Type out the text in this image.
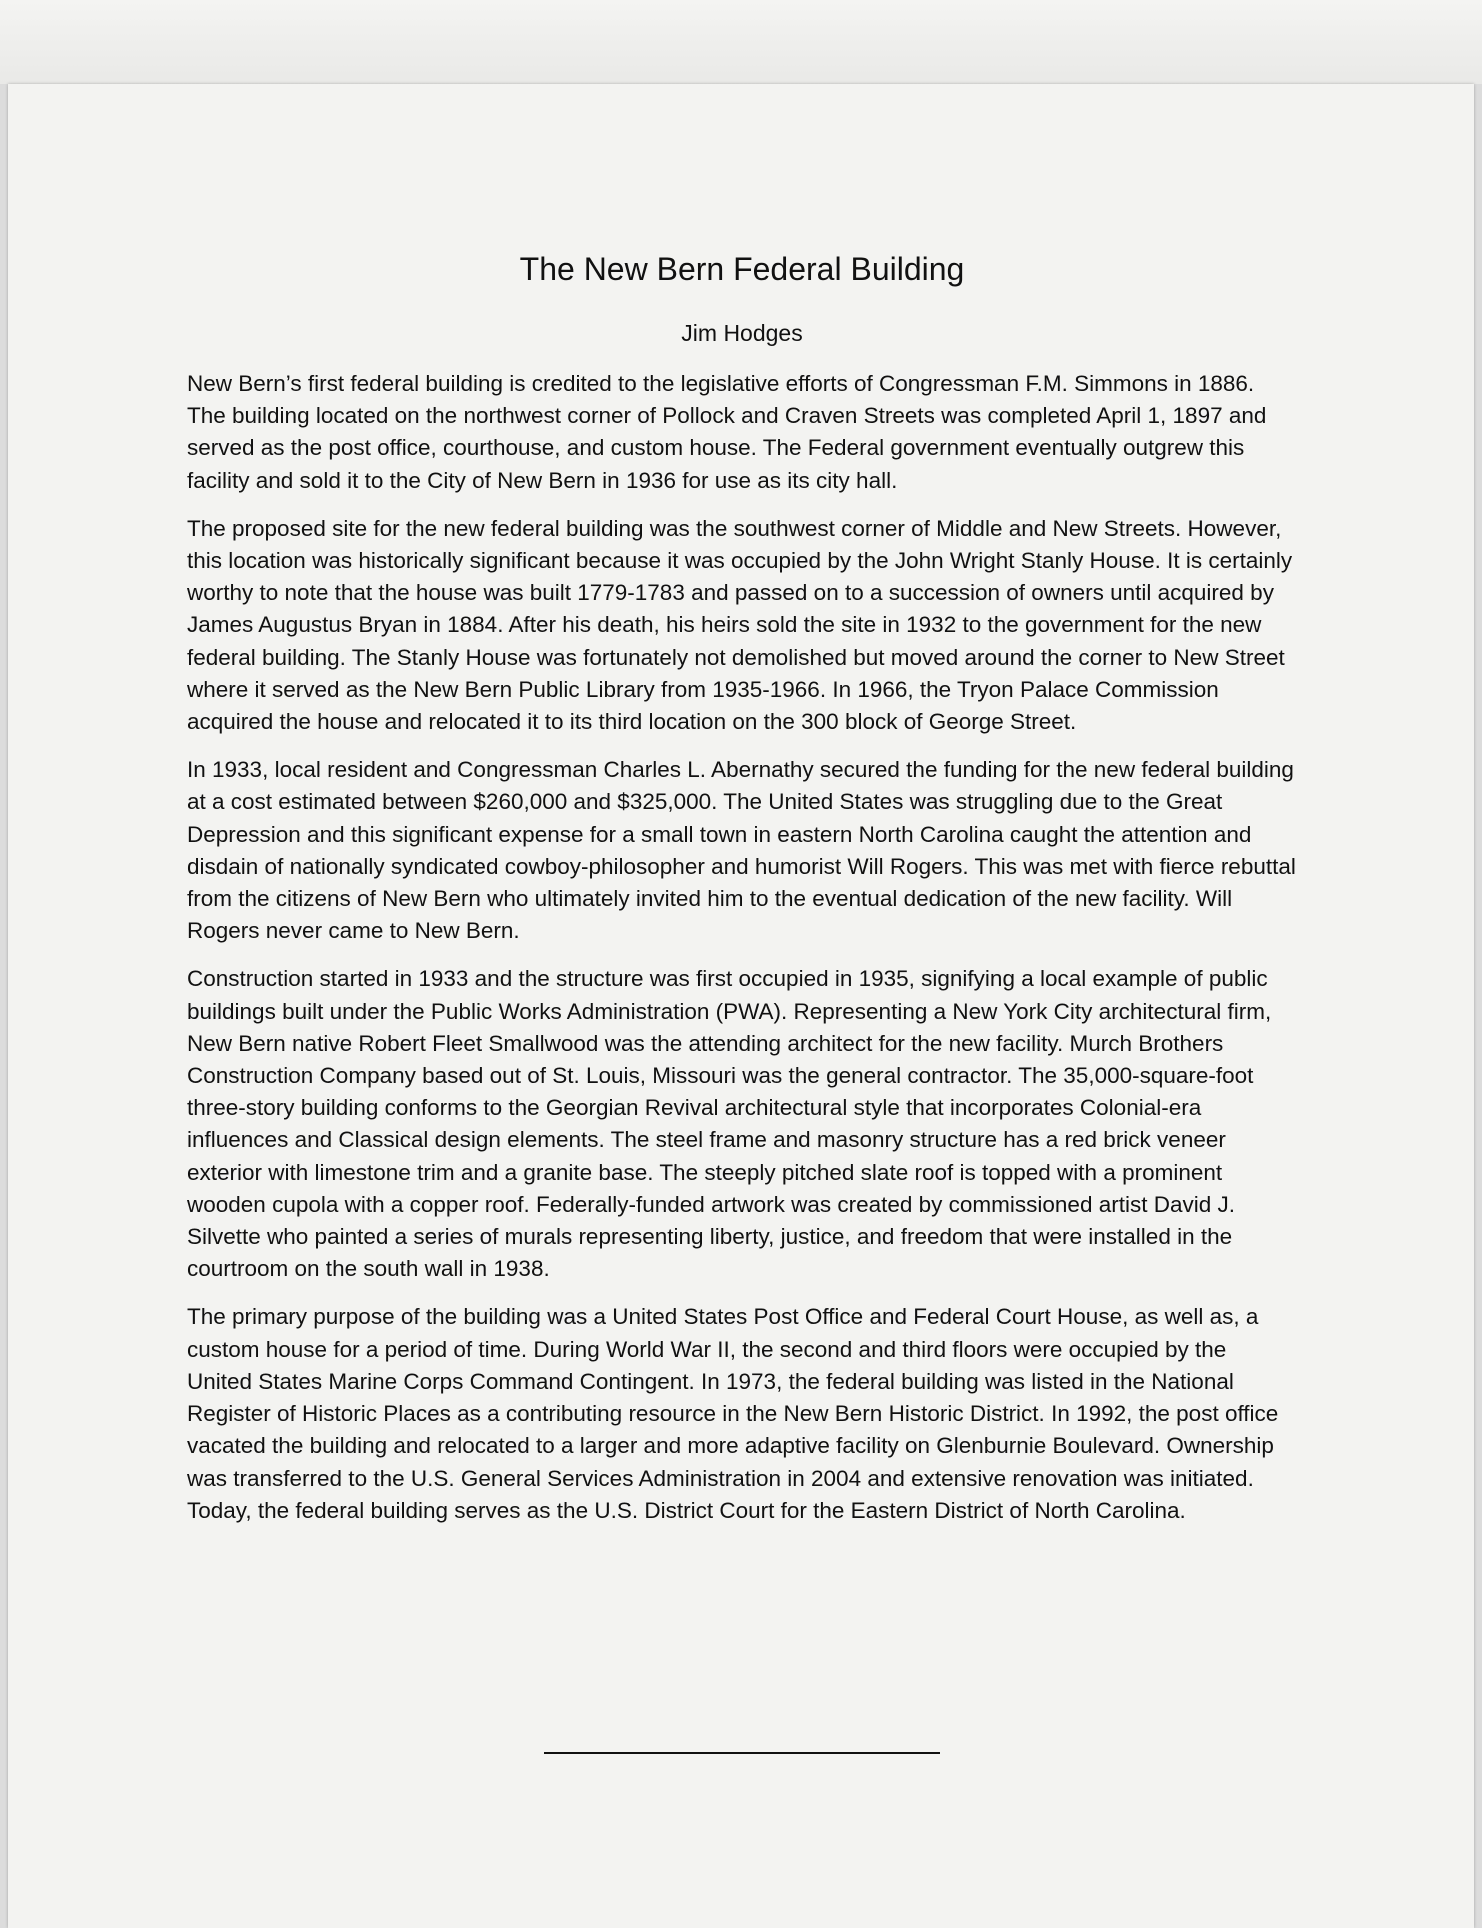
The New Bern Federal Building
Jim Hodges

New Bern’s first federal building is credited to the legislative efforts of Congressman F.M. Simmons in 1886. The building located on the northwest corner of Pollock and Craven Streets was completed April 1, 1897 and served as the post office, courthouse, and custom house. The Federal government eventually outgrew this facility and sold it to the City of New Bern in 1936 for use as its city hall.

The proposed site for the new federal building was the southwest corner of Middle and New Streets. However, this location was historically significant because it was occupied by the John Wright Stanly House. It is certainly worthy to note that the house was built 1779-1783 and passed on to a succession of owners until acquired by James Augustus Bryan in 1884. After his death, his heirs sold the site in 1932 to the government for the new federal building. The Stanly House was fortunately not demolished but moved around the corner to New Street where it served as the New Bern Public Library from 1935-1966. In 1966, the Tryon Palace Commission acquired the house and relocated it to its third location on the 300 block of George Street.

In 1933, local resident and Congressman Charles L. Abernathy secured the funding for the new federal building at a cost estimated between $260,000 and $325,000. The United States was struggling due to the Great Depression and this significant expense for a small town in eastern North Carolina caught the attention and disdain of nationally syndicated cowboy-philosopher and humorist Will Rogers. This was met with fierce rebuttal from the citizens of New Bern who ultimately invited him to the eventual dedication of the new facility. Will Rogers never came to New Bern.

Construction started in 1933 and the structure was first occupied in 1935, signifying a local example of public buildings built under the Public Works Administration (PWA). Representing a New York City architectural firm, New Bern native Robert Fleet Smallwood was the attending architect for the new facility. Murch Brothers Construction Company based out of St. Louis, Missouri was the general contractor. The 35,000-square-foot three-story building conforms to the Georgian Revival architectural style that incorporates Colonial-era influences and Classical design elements. The steel frame and masonry structure has a red brick veneer exterior with limestone trim and a granite base. The steeply pitched slate roof is topped with a prominent wooden cupola with a copper roof. Federally-funded artwork was created by commissioned artist David J. Silvette who painted a series of murals representing liberty, justice, and freedom that were installed in the courtroom on the south wall in 1938.

The primary purpose of the building was a United States Post Office and Federal Court House, as well as, a custom house for a period of time. During World War II, the second and third floors were occupied by the United States Marine Corps Command Contingent. In 1973, the federal building was listed in the National Register of Historic Places as a contributing resource in the New Bern Historic District. In 1992, the post office vacated the building and relocated to a larger and more adaptive facility on Glenburnie Boulevard. Ownership was transferred to the U.S. General Services Administration in 2004 and extensive renovation was initiated. Today, the federal building serves as the U.S. District Court for the Eastern District of North Carolina.
